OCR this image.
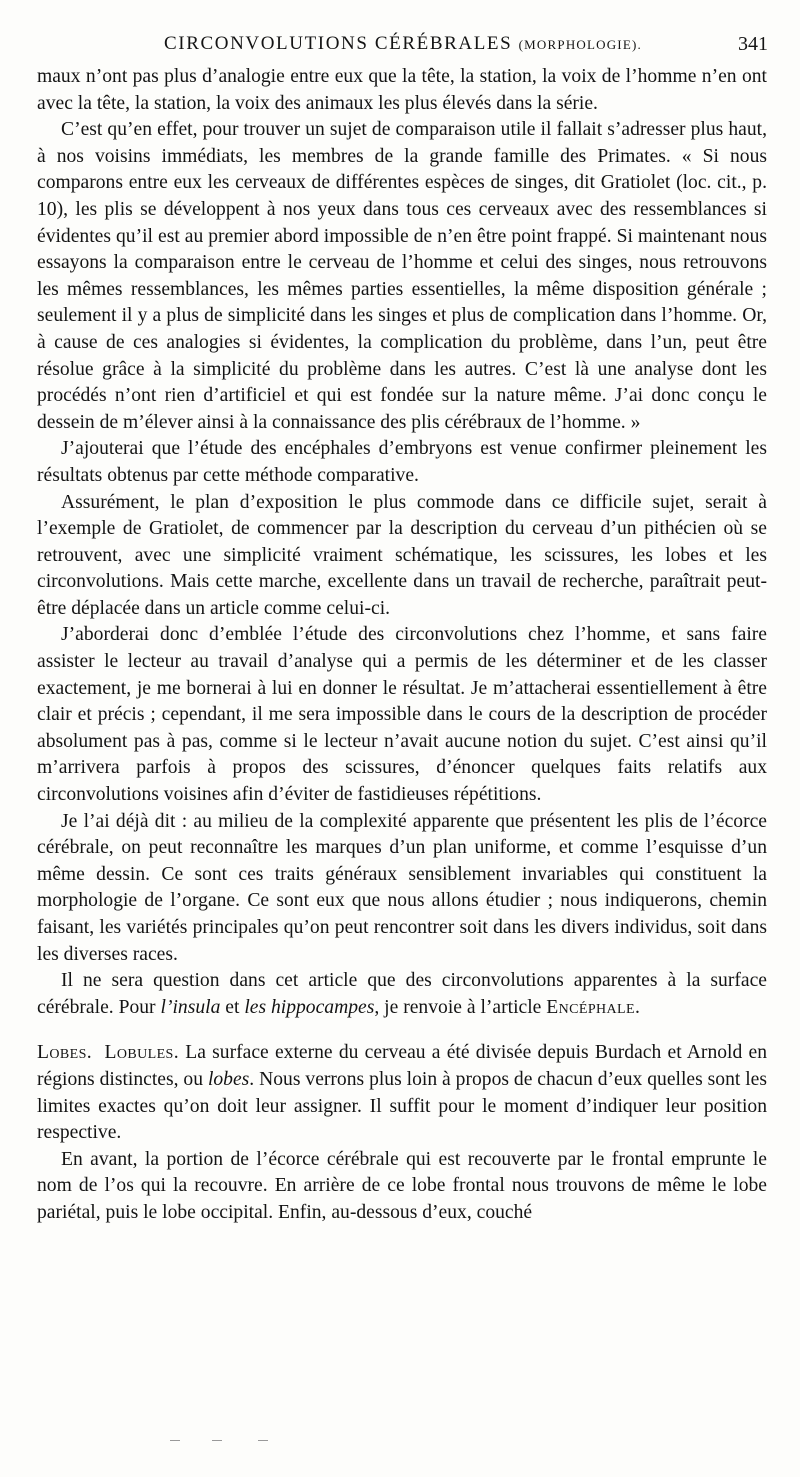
CIRCONVOLUTIONS CÉRÉBRALES (MORPHOLOGIE).	341

maux n’ont pas plus d’analogie entre eux que la tête, la station, la voix de l’homme n’en ont avec la tête, la station, la voix des animaux les plus élevés dans la série.

C’est qu’en effet, pour trouver un sujet de comparaison utile il fallait s’adresser plus haut, à nos voisins immédiats, les membres de la grande famille des Primates. « Si nous comparons entre eux les cerveaux de différentes espèces de singes, dit Gratiolet (loc. cit., p. 10), les plis se développent à nos yeux dans tous ces cerveaux avec des ressemblances si évidentes qu’il est au premier abord impossible de n’en être point frappé. Si maintenant nous essayons la comparaison entre le cerveau de l’homme et celui des singes, nous retrouvons les mêmes ressemblances, les mêmes parties essentielles, la même disposition générale ; seulement il y a plus de simplicité dans les singes et plus de complication dans l’homme. Or, à cause de ces analogies si évidentes, la complication du problème, dans l’un, peut être résolue grâce à la simplicité du problème dans les autres. C’est là une analyse dont les procédés n’ont rien d’artificiel et qui est fondée sur la nature même. J’ai donc conçu le dessein de m’élever ainsi à la connaissance des plis cérébraux de l’homme. »

J’ajouterai que l’étude des encéphales d’embryons est venue confirmer pleinement les résultats obtenus par cette méthode comparative.

Assurément, le plan d’exposition le plus commode dans ce difficile sujet, serait à l’exemple de Gratiolet, de commencer par la description du cerveau d’un pithécien où se retrouvent, avec une simplicité vraiment schématique, les scissures, les lobes et les circonvolutions. Mais cette marche, excellente dans un travail de recherche, paraîtrait peut-être déplacée dans un article comme celui-ci.

J’aborderai donc d’emblée l’étude des circonvolutions chez l’homme, et sans faire assister le lecteur au travail d’analyse qui a permis de les déterminer et de les classer exactement, je me bornerai à lui en donner le résultat. Je m’attacherai essentiellement à être clair et précis ; cependant, il me sera impossible dans le cours de la description de procéder absolument pas à pas, comme si le lecteur n’avait aucune notion du sujet. C’est ainsi qu’il m’arrivera parfois à propos des scissures, d’énoncer quelques faits relatifs aux circonvolutions voisines afin d’éviter de fastidieuses répétitions.

Je l’ai déjà dit : au milieu de la complexité apparente que présentent les plis de l’écorce cérébrale, on peut reconnaître les marques d’un plan uniforme, et comme l’esquisse d’un même dessin. Ce sont ces traits généraux sensiblement invariables qui constituent la morphologie de l’organe. Ce sont eux que nous allons étudier ; nous indiquerons, chemin faisant, les variétés principales qu’on peut rencontrer soit dans les divers individus, soit dans les diverses races.

Il ne sera question dans cet article que des circonvolutions apparentes à la surface cérébrale. Pour l’insula et les hippocampes, je renvoie à l’article Encéphale.

Lobes. Lobules. La surface externe du cerveau a été divisée depuis Burdach et Arnold en régions distinctes, ou lobes. Nous verrons plus loin à propos de chacun d’eux quelles sont les limites exactes qu’on doit leur assigner. Il suffit pour le moment d’indiquer leur position respective.

En avant, la portion de l’écorce cérébrale qui est recouverte par le frontal emprunte le nom de l’os qui la recouvre. En arrière de ce lobe frontal nous trouvons de même le lobe pariétal, puis le lobe occipital. Enfin, au-dessous d’eux, couché
